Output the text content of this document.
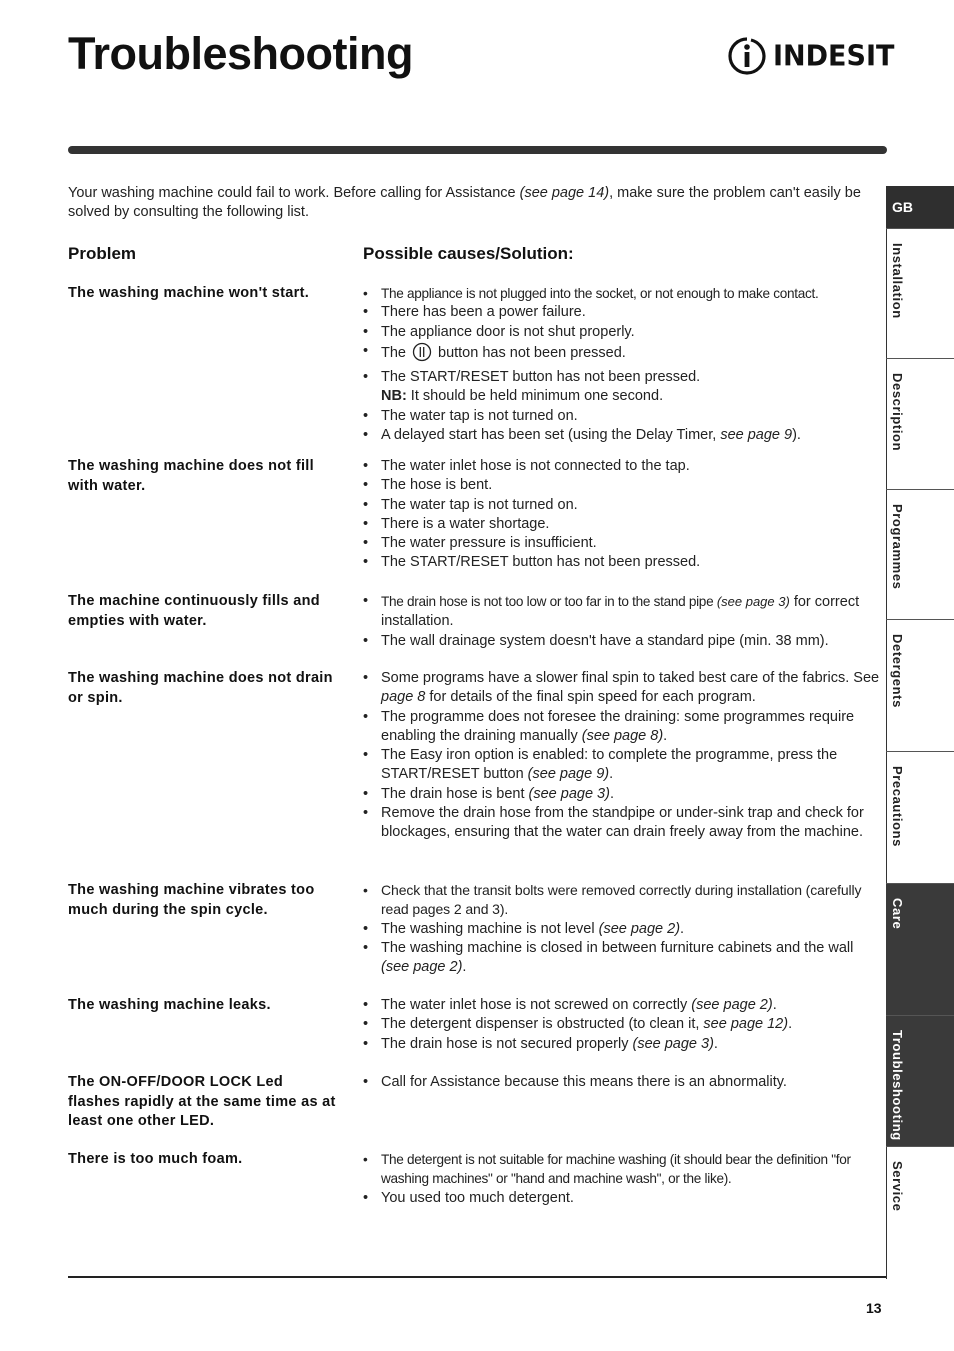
Troubleshooting	INDESIT

Your washing machine could fail to work. Before calling for Assistance (see page 14), make sure the problem can't easily be solved by consulting the following list.

Problem	Possible causes/Solution:

The washing machine won't start.	• The appliance is not plugged into the socket, or not enough to make contact.
• There has been a power failure.
• The appliance door is not shut properly.
• The button has not been pressed.
• The START/RESET button has not been pressed.
NB: It should be held minimum one second.
• The water tap is not turned on.
• A delayed start has been set (using the Delay Timer, see page 9).

The washing machine does not fill with water.

• The water inlet hose is not connected to the tap.
• The hose is bent.
• The water tap is not turned on.
• There is a water shortage.
• The water pressure is insufficient.
• The START/RESET button has not been pressed.

The machine continuously fills and empties with water.

• The drain hose is not too low or too far in to the stand pipe (see page 3) for correct installation.
• The wall drainage system doesn't have a standard pipe (min. 38 mm).

The washing machine does not drain or spin.

• Some programs have a slower final spin to taked best care of the fabrics. See page 8 for details of the final spin speed for each program.
• The programme does not foresee the draining: some programmes require enabling the draining manually (see page 8).
• The Easy iron option is enabled: to complete the programme, press the START/RESET button (see page 9).
• The drain hose is bent (see page 3).
• Remove the drain hose from the standpipe or under-sink trap and check for blockages, ensuring that the water can drain freely away from the machine.

The washing machine vibrates too much during the spin cycle.

• Check that the transit bolts were removed correctly during installation (carefully read pages 2 and 3).
• The washing machine is not level (see page 2).
• The washing machine is closed in between furniture cabinets and the wall (see page 2).

The washing machine leaks.	• The water inlet hose is not screwed on correctly (see page 2).
• The detergent dispenser is obstructed (to clean it, see page 12).
• The drain hose is not secured properly (see page 3).

The ON-OFF/DOOR LOCK Led flashes rapidly at the same time as at least one other LED.

• Call for Assistance because this means there is an abnormality.

There is too much foam.	• The detergent is not suitable for machine washing (it should bear the definition "for washing machines" or "hand and machine wash", or the like).
• You used too much detergent.
13
GB
Installation
Description
Programmes
Detergents
Precautions
Care
Troubleshooting
Service
